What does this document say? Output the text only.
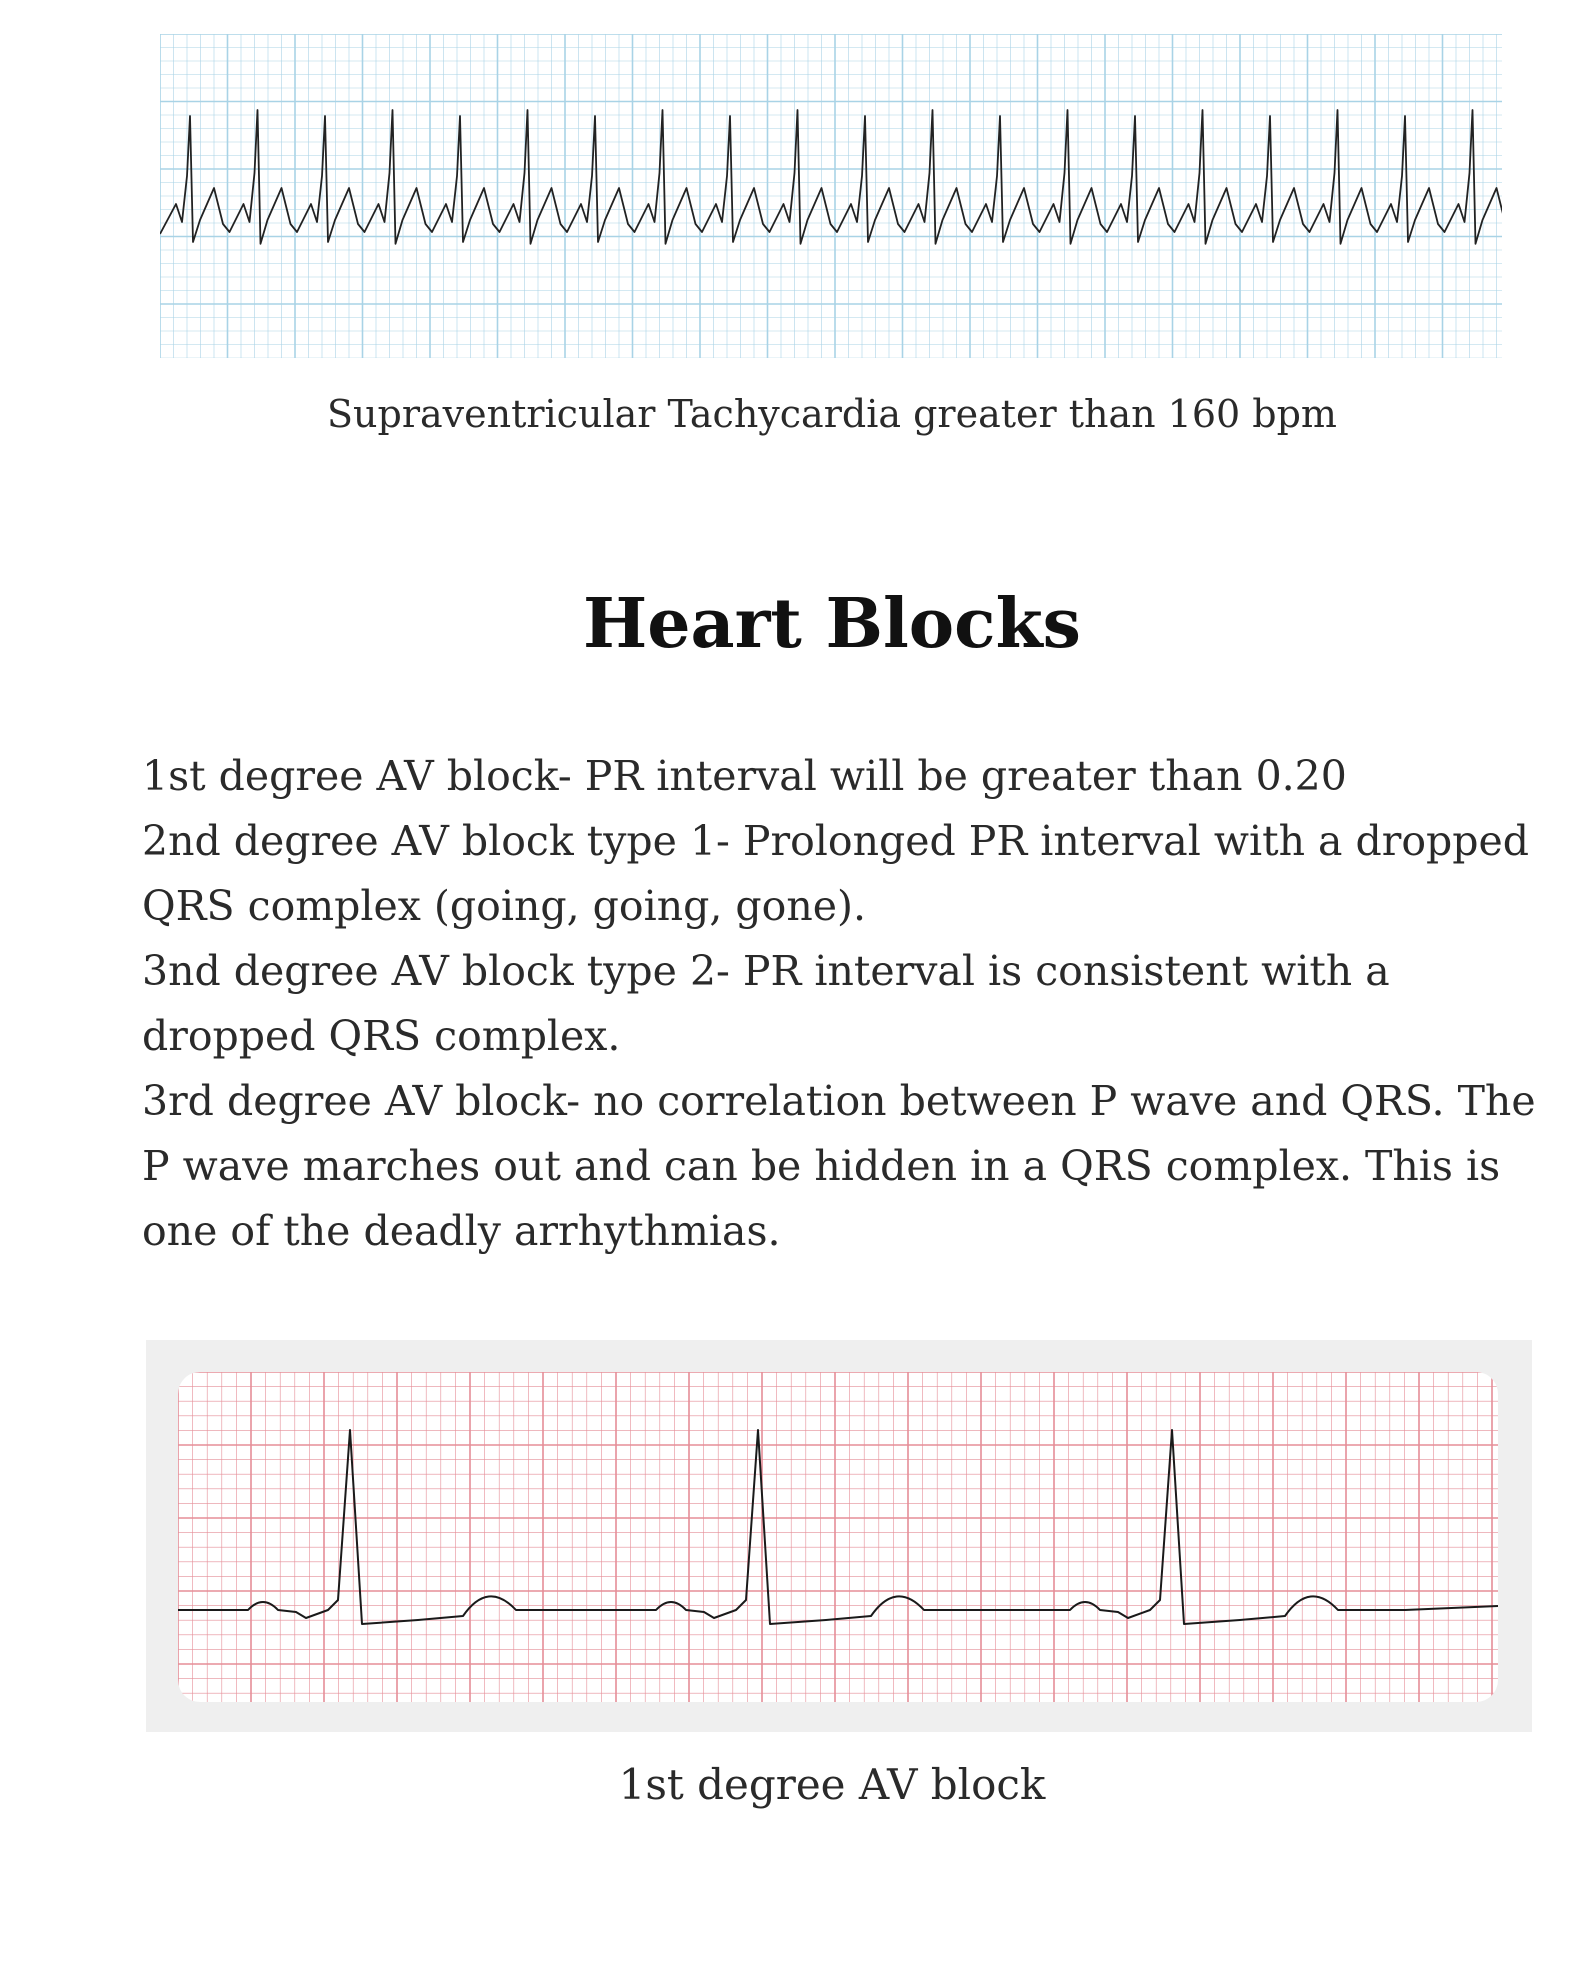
Supraventricular Tachycardia greater than 160 bpm
Heart Blocks

1st degree AV block- PR interval will be greater than 0.20

2nd degree AV block type 1- Prolonged PR interval with a dropped QRS complex (going, going, gone).

3nd degree AV block type 2- PR interval is consistent with a dropped QRS complex.

3rd degree AV block- no correlation between P wave and QRS. The P wave marches out and can be hidden in a QRS complex. This is one of the deadly arrhythmias.

1st degree AV block
